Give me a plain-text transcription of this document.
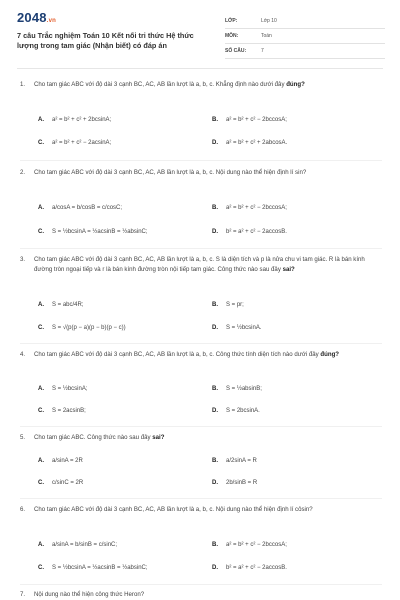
2048.vn
7 câu Trắc nghiệm Toán 10 Kết nối tri thức Hệ thức lượng trong tam giác (Nhận biết) có đáp án
LỚP:	Lớp 10
MÔN:	Toán
SỐ CÂU:	7
1. Cho tam giác ABC với độ dài 3 cạnh BC, AC, AB lần lượt là a, b, c. Khẳng định nào dưới đây đúng?
A. a² = b² + c² + 2bcsinA;	B. a² = b² + c² − 2bccosA;
C. a² = b² + c² − 2acsinA;	D. a² = b² + c² + 2abcosA.
2. Cho tam giác ABC với độ dài 3 cạnh BC, AC, AB lần lượt là a, b, c. Nội dung nào thể hiện định lí sin?
A. a/cosA = b/cosB = c/cosC;	B. a² = b² + c² − 2bccosA;
C. S = ½bcsinA = ½acsinB = ½absinC;	D. b² = a² + c² − 2accosB.
3. Cho tam giác ABC với độ dài 3 cạnh BC, AC, AB lần lượt là a, b, c. S là diện tích và p là nửa chu vi tam giác. R là bán kính đường tròn ngoại tiếp và r là bán kính đường tròn nội tiếp tam giác. Công thức nào sau đây sai?
A. S = abc/4R;	B. S = pr;
C. S = √(p(p − a)(p − b)(p − c))	D. S = ½bcsinA.
4. Cho tam giác ABC với độ dài 3 cạnh BC, AC, AB lần lượt là a, b, c. Công thức tính diện tích nào dưới đây đúng?
A. S = ½bcsinA;	B. S = ½absinB;
C. S = 2acsinB;	D. S = 2bcsinA.
5. Cho tam giác ABC. Công thức nào sau đây sai?
A. a/sinA = 2R	B. a/2sinA = R
C. c/sinC = 2R	D. 2b/sinB = R
6. Cho tam giác ABC với độ dài 3 cạnh BC, AC, AB lần lượt là a, b, c. Nội dung nào thể hiện định lí côsin?
A. a/sinA = b/sinB = c/sinC;	B. a² = b² + c² − 2bccosA;
C. S = ½bcsinA = ½acsinB = ½absinC;	D. b² = a² + c² − 2accosB.
7. Nội dung nào thể hiện công thức Heron?
